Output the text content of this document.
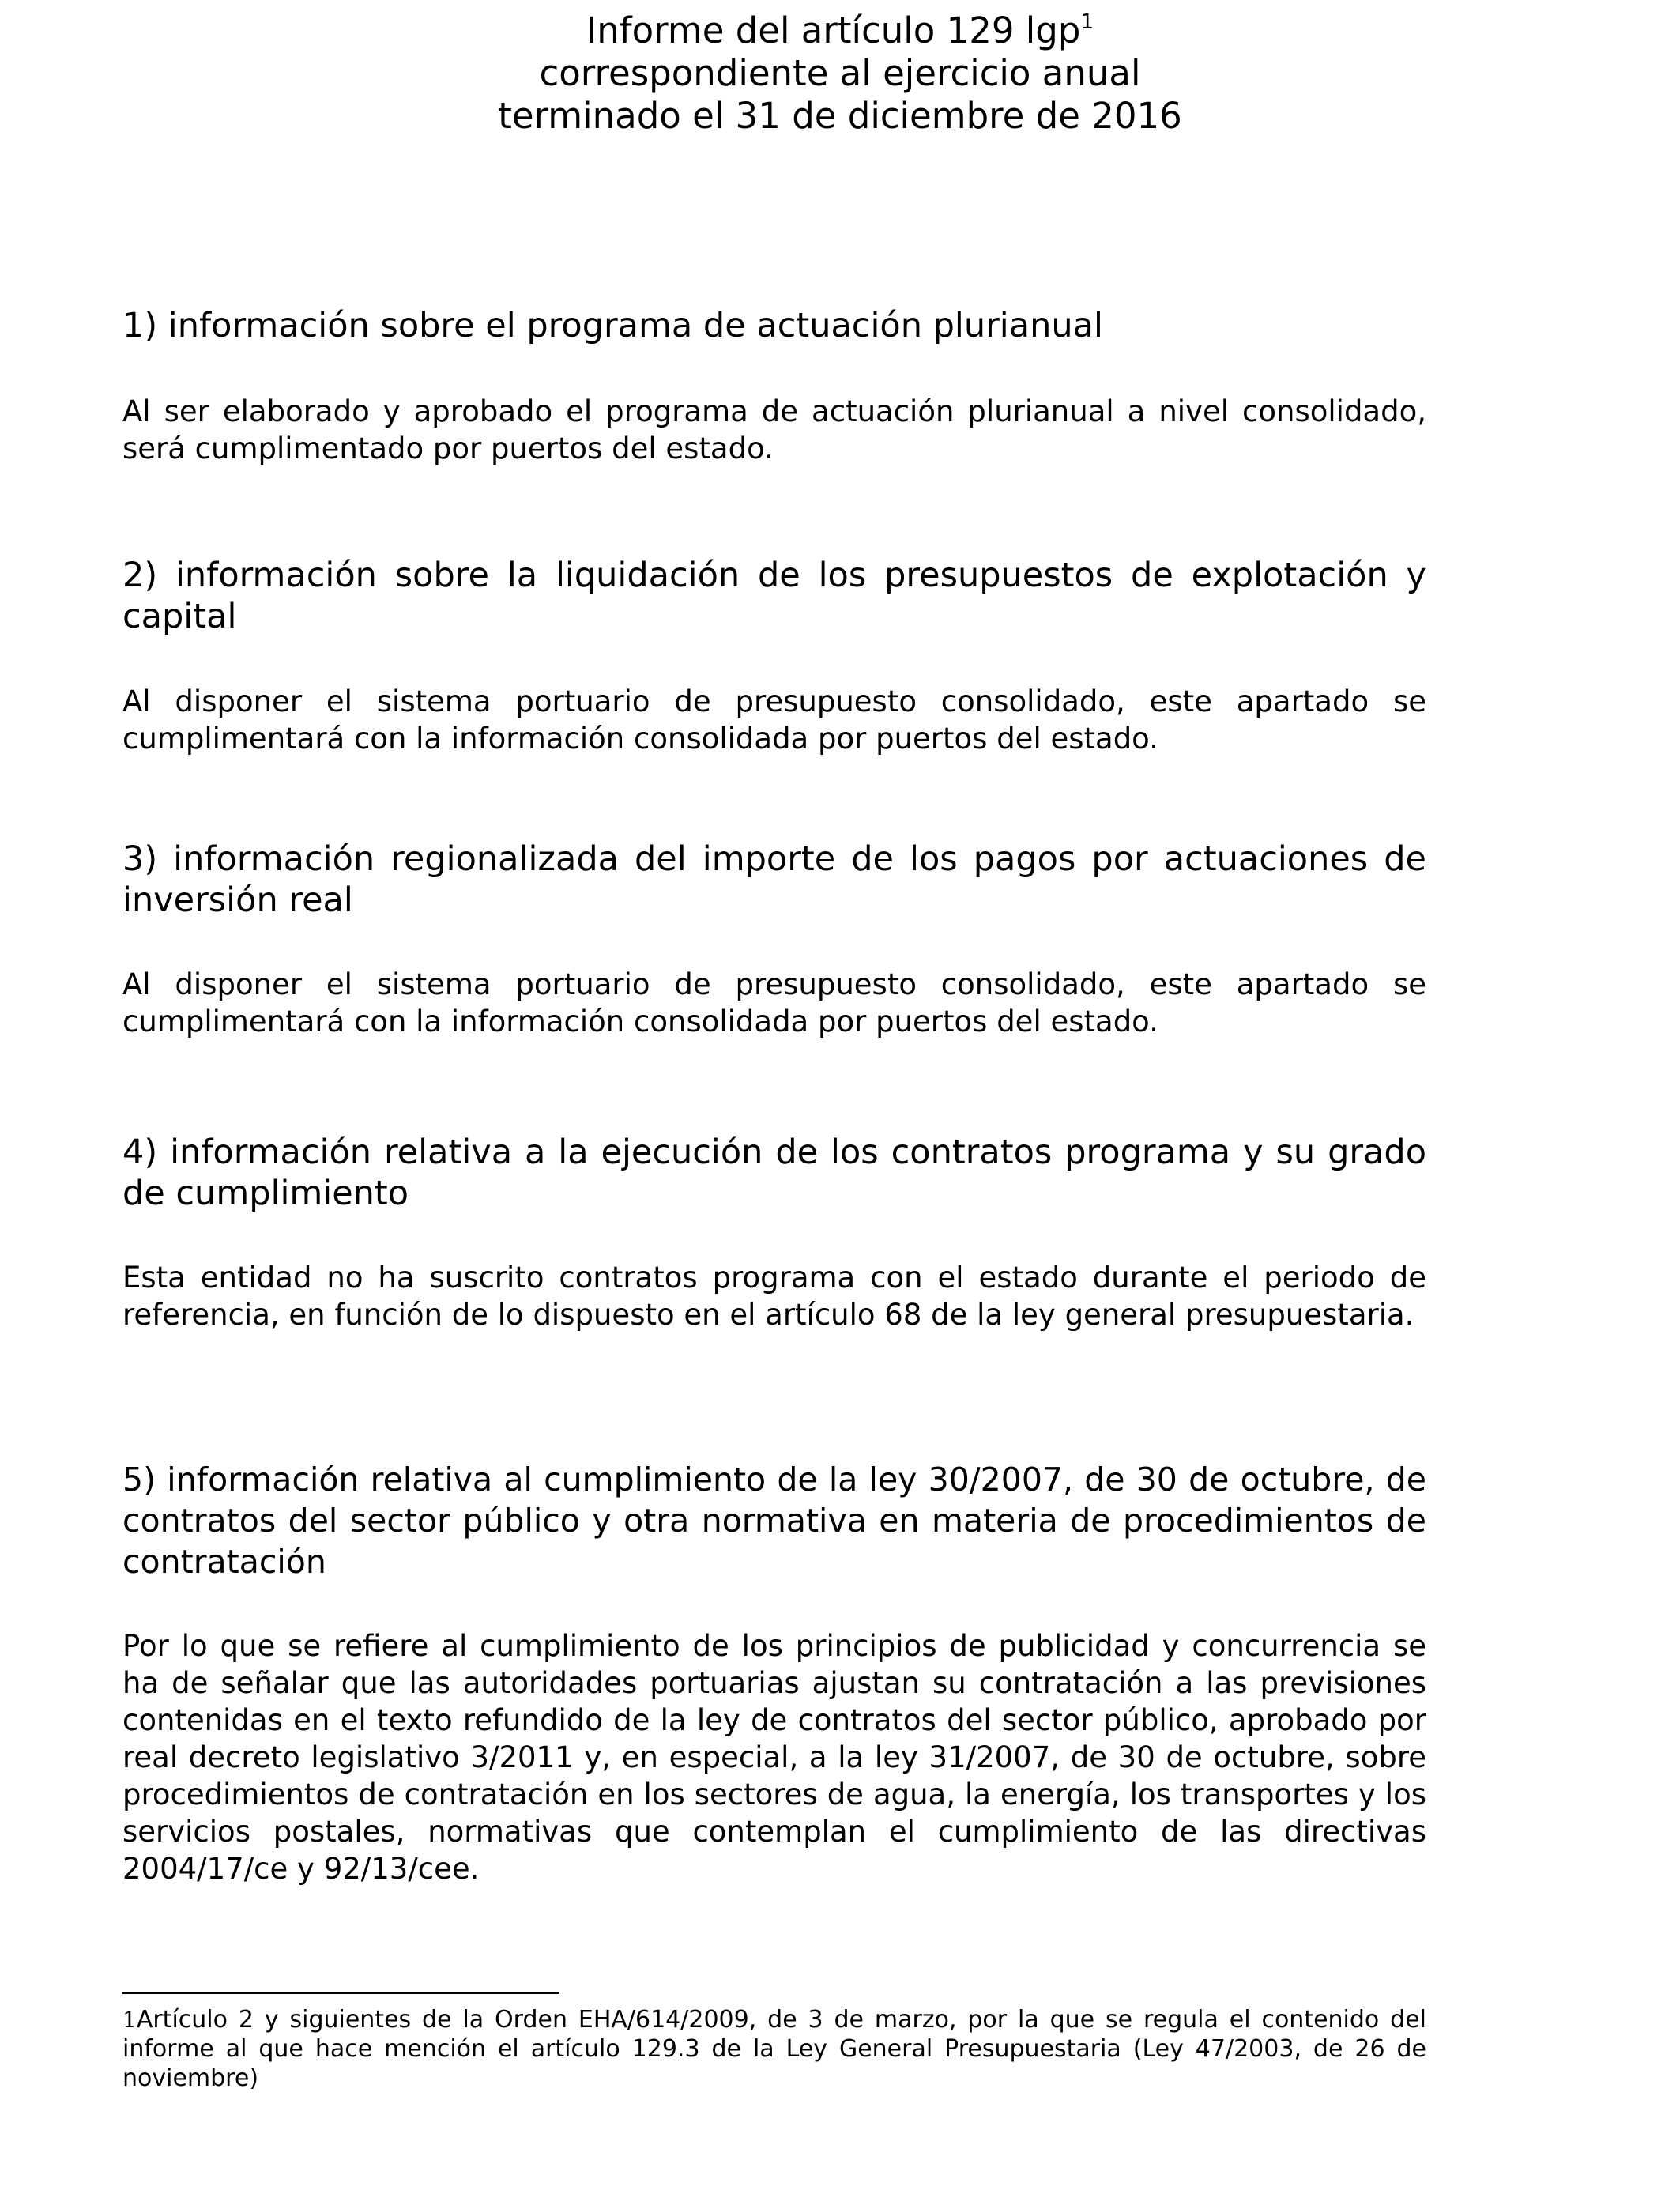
Informe del artículo 129 lgp$^1$
correspondiente al ejercicio anual
terminado el 31 de diciembre de 2016
1) información sobre el programa de actuación plurianual
Al ser elaborado y aprobado el programa de actuación plurianual a nivel consolidado, será cumplimentado por puertos del estado.
2) información sobre la liquidación de los presupuestos de explotación y capital
Al disponer el sistema portuario de presupuesto consolidado, este apartado se cumplimentará con la información consolidada por puertos del estado.
3) información regionalizada del importe de los pagos por actuaciones de inversión real
Al disponer el sistema portuario de presupuesto consolidado, este apartado se cumplimentará con la información consolidada por puertos del estado.
4) información relativa a la ejecución de los contratos programa y su grado de cumplimiento
Esta entidad no ha suscrito contratos programa con el estado durante el periodo de referencia, en función de lo dispuesto en el artículo 68 de la ley general presupuestaria.
5) información relativa al cumplimiento de la ley 30/2007, de 30 de octubre, de contratos del sector público y otra normativa en materia de procedimientos de contratación
Por lo que se refiere al cumplimiento de los principios de publicidad y concurrencia se ha de señalar que las autoridades portuarias ajustan su contratación a las previsiones contenidas en el texto refundido de la ley de contratos del sector público, aprobado por real decreto legislativo 3/2011 y, en especial, a la ley 31/2007, de 30 de octubre, sobre procedimientos de contratación en los sectores de agua, la energía, los transportes y los servicios postales, normativas que contemplan el cumplimiento de las directivas 2004/17/ce y 92/13/cee.
1Artículo 2 y siguientes de la Orden EHA/614/2009, de 3 de marzo, por la que se regula el contenido del informe al que hace mención el artículo 129.3 de la Ley General Presupuestaria (Ley 47/2003, de 26 de noviembre)
